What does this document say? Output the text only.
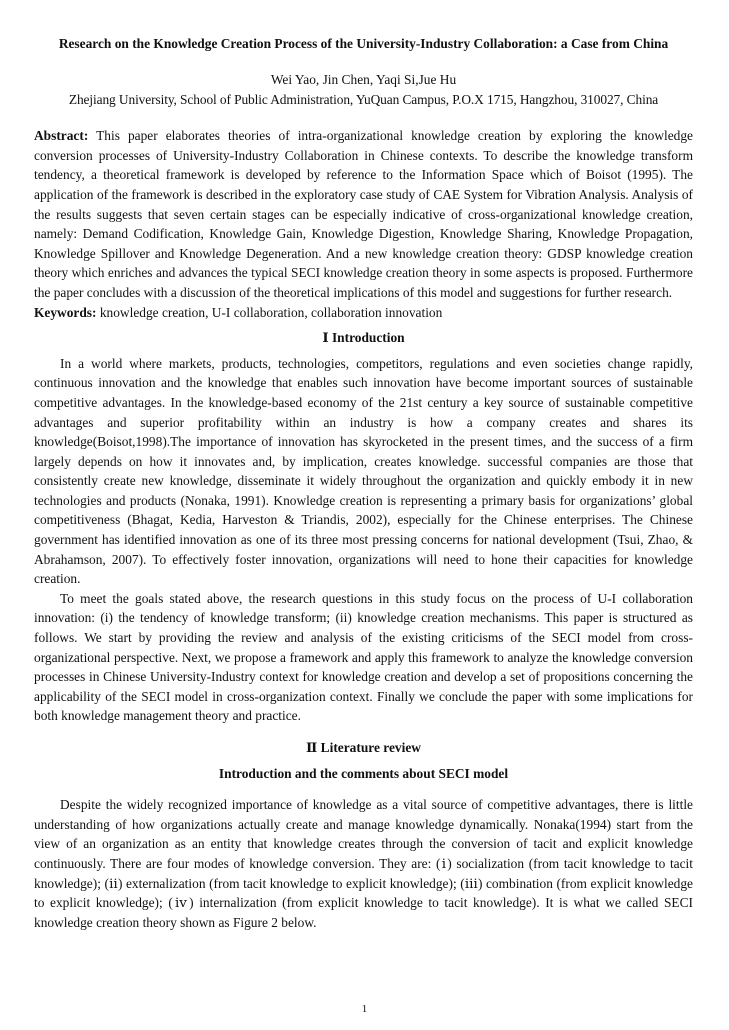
Research on the Knowledge Creation Process of the University-Industry Collaboration: a Case from China
Wei Yao, Jin Chen, Yaqi Si,Jue Hu
Zhejiang University, School of Public Administration, YuQuan Campus, P.O.X 1715, Hangzhou, 310027, China
Abstract: This paper elaborates theories of intra-organizational knowledge creation by exploring the knowledge conversion processes of University-Industry Collaboration in Chinese contexts. To describe the knowledge transform tendency, a theoretical framework is developed by reference to the Information Space which of Boisot (1995). The application of the framework is described in the exploratory case study of CAE System for Vibration Analysis. Analysis of the results suggests that seven certain stages can be especially indicative of cross-organizational knowledge creation, namely: Demand Codification, Knowledge Gain, Knowledge Digestion, Knowledge Sharing, Knowledge Propagation, Knowledge Spillover and Knowledge Degeneration. And a new knowledge creation theory: GDSP knowledge creation theory which enriches and advances the typical SECI knowledge creation theory in some aspects is proposed. Furthermore the paper concludes with a discussion of the theoretical implications of this model and suggestions for further research.
Keywords: knowledge creation, U-I collaboration, collaboration innovation
Ⅰ Introduction

In a world where markets, products, technologies, competitors, regulations and even societies change rapidly, continuous innovation and the knowledge that enables such innovation have become important sources of sustainable competitive advantages. In the knowledge-based economy of the 21st century a key source of sustainable competitive advantages and superior profitability within an industry is how a company creates and shares its knowledge(Boisot,1998).The importance of innovation has skyrocketed in the present times, and the success of a firm largely depends on how it innovates and, by implication, creates knowledge. successful companies are those that consistently create new knowledge, disseminate it widely throughout the organization and quickly embody it in new technologies and products (Nonaka, 1991). Knowledge creation is representing a primary basis for organizations’ global competitiveness (Bhagat, Kedia, Harveston & Triandis, 2002), especially for the Chinese enterprises. The Chinese government has identified innovation as one of its three most pressing concerns for national development (Tsui, Zhao, & Abrahamson, 2007). To effectively foster innovation, organizations will need to hone their capacities for knowledge creation.

To meet the goals stated above, the research questions in this study focus on the process of U-I collaboration innovation: (i) the tendency of knowledge transform; (ii) knowledge creation mechanisms. This paper is structured as follows. We start by providing the review and analysis of the existing criticisms of the SECI model from cross-organizational perspective. Next, we propose a framework and apply this framework to analyze the knowledge conversion processes in Chinese University-Industry context for knowledge creation and develop a set of propositions concerning the applicability of the SECI model in cross-organization context. Finally we conclude the paper with some implications for both knowledge management theory and practice.

Ⅱ Literature review
Introduction and the comments about SECI model

Despite the widely recognized importance of knowledge as a vital source of competitive advantages, there is little understanding of how organizations actually create and manage knowledge dynamically. Nonaka(1994) start from the view of an organization as an entity that knowledge creates through the conversion of tacit and explicit knowledge continuously. There are four modes of knowledge conversion. They are: (ⅰ) socialization (from tacit knowledge to tacit knowledge); (ⅱ) externalization (from tacit knowledge to explicit knowledge); (ⅲ) combination (from explicit knowledge to explicit knowledge); (ⅳ) internalization (from explicit knowledge to tacit knowledge). It is what we called SECI knowledge creation theory shown as Figure 2 below.

1
